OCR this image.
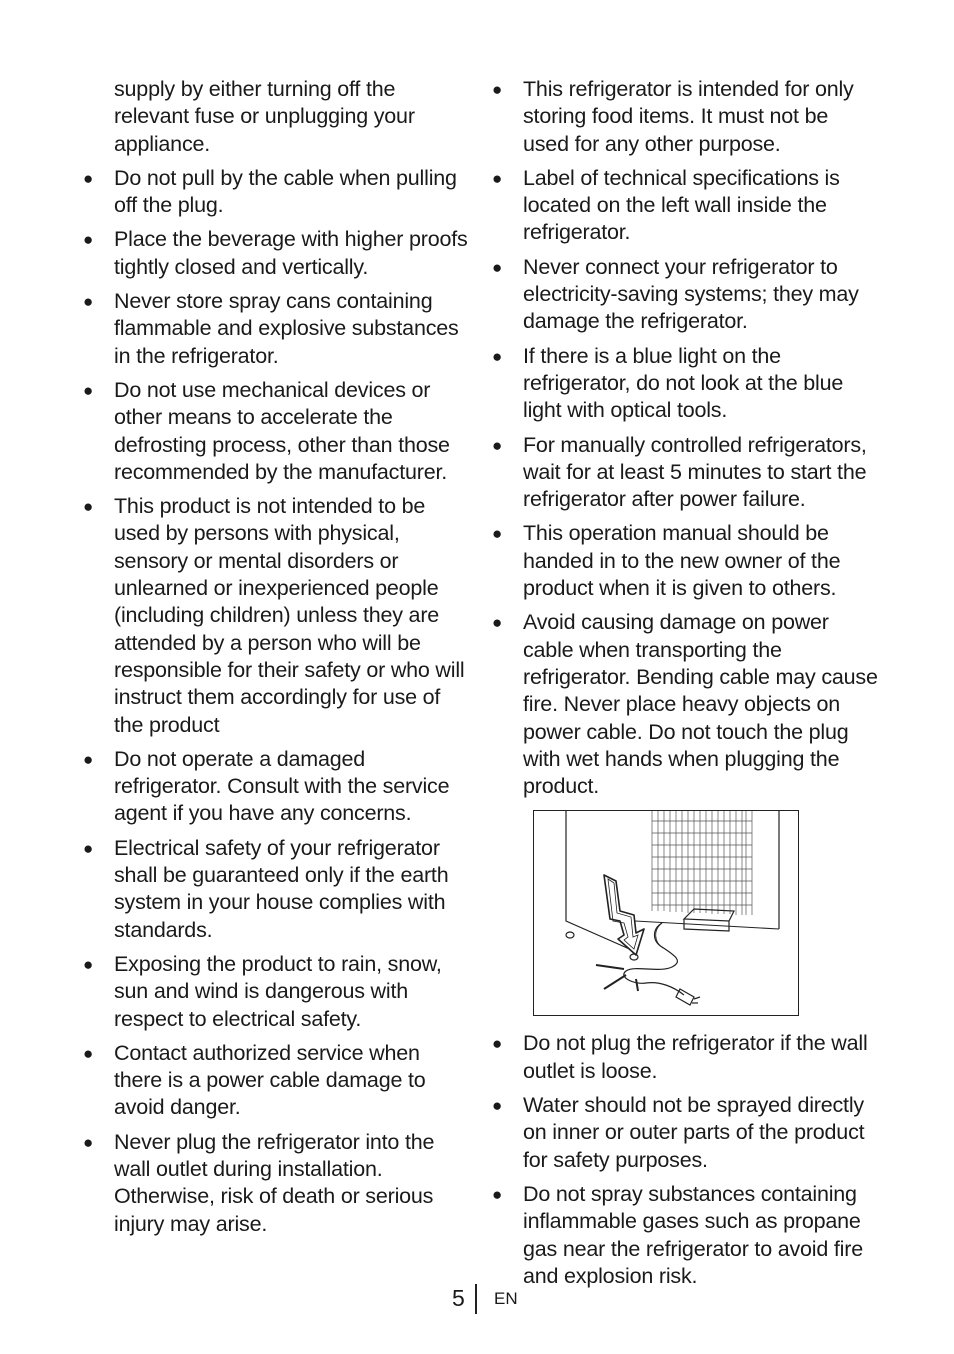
supply by either turning off the relevant fuse or unplugging your appliance.

● Do not pull by the cable when pulling off the plug.
● Place the beverage with higher proofs tightly closed and vertically.
● Never store spray cans containing flammable and explosive substances in the refrigerator.
● Do not use mechanical devices or other means to accelerate the defrosting process, other than those recommended by the manufacturer.
● This product is not intended to be used by persons with physical, sensory or mental disorders or unlearned or inexperienced people (including children) unless they are attended by a person who will be responsible for their safety or who will instruct them accordingly for use of the product
● Do not operate a damaged refrigerator. Consult with the service agent if you have any concerns.
● Electrical safety of your refrigerator shall be guaranteed only if the earth system in your house complies with standards.
● Exposing the product to rain, snow, sun and wind is dangerous with respect to electrical safety.
● Contact authorized service when there is a power cable damage to avoid danger.
● Never plug the refrigerator into the wall outlet during installation. Otherwise, risk of death or serious injury may arise.
● This refrigerator is intended for only storing food items. It must not be used for any other purpose.
● Label of technical specifications is located on the left wall inside the refrigerator.
● Never connect your refrigerator to electricity-saving systems; they may damage the refrigerator.
● If there is a blue light on the refrigerator, do not look at the blue light with optical tools.
● For manually controlled refrigerators, wait for at least 5 minutes to start the refrigerator after power failure.
● This operation manual should be handed in to the new owner of the product when it is given to others.
● Avoid causing damage on power cable when transporting the refrigerator. Bending cable may cause fire. Never place heavy objects on power cable. Do not touch the plug with wet hands when plugging the product.
● Do not plug the refrigerator if the wall outlet is loose.
● Water should not be sprayed directly on inner or outer parts of the product for safety purposes.
● Do not spray substances containing inflammable gases such as propane gas near the refrigerator to avoid fire and explosion risk.
5 EN
